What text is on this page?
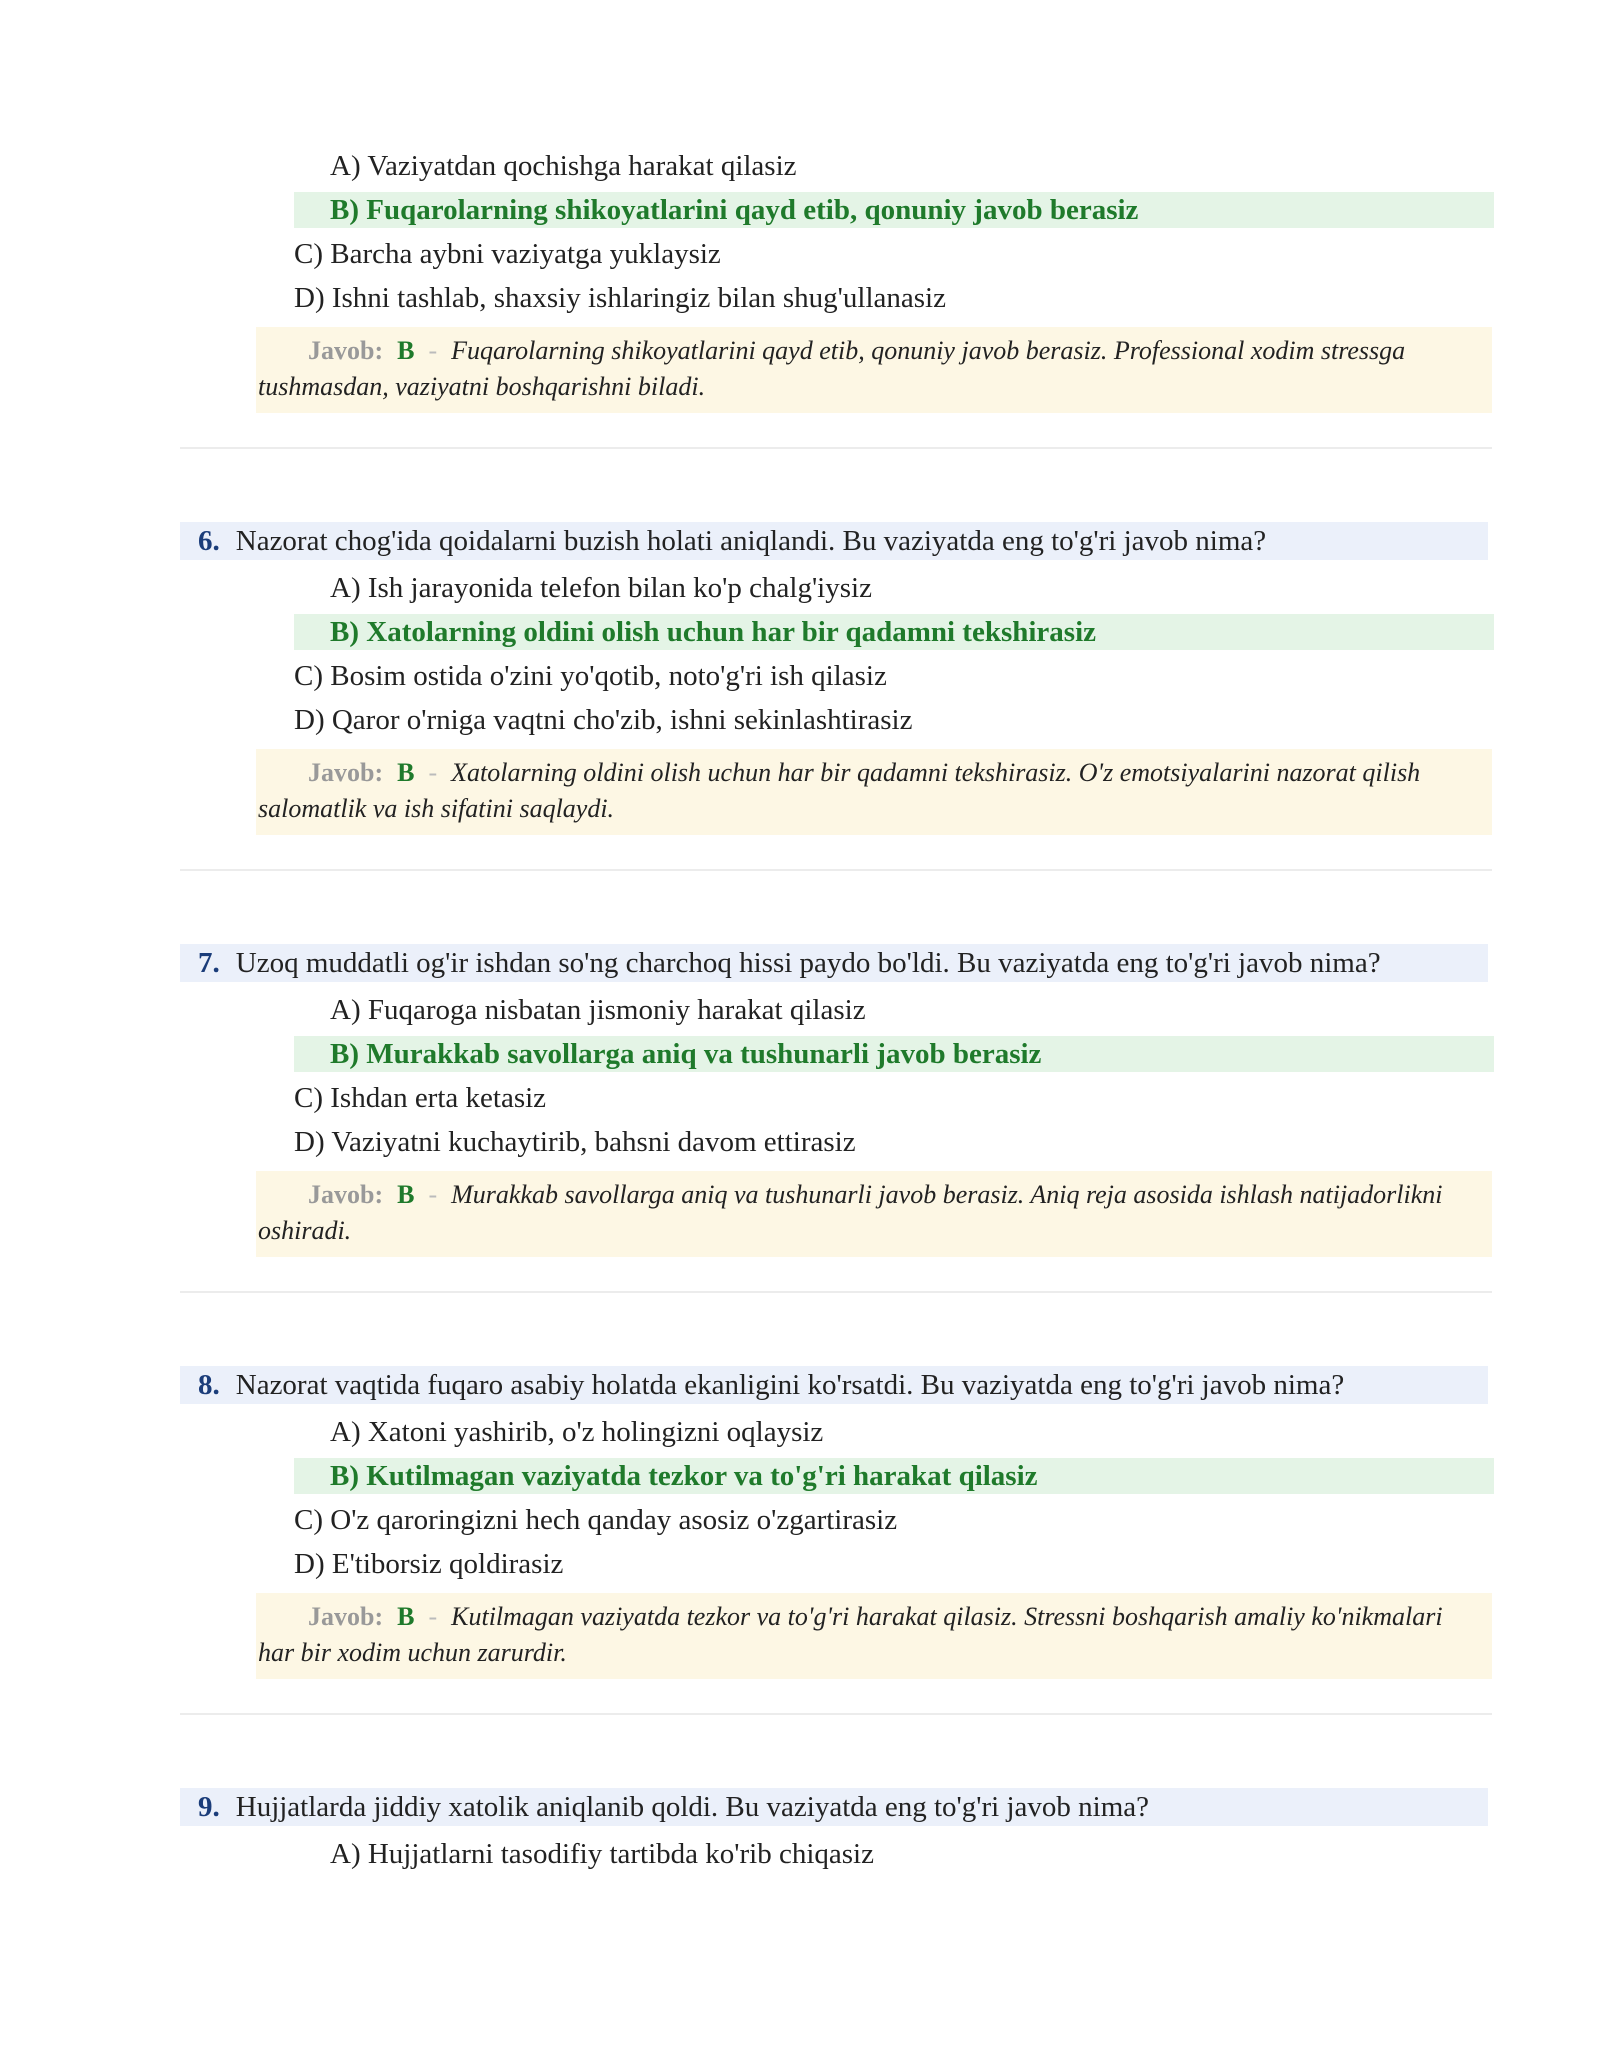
A) Vaziyatdan qochishga harakat qilasiz
B) Fuqarolarning shikoyatlarini qayd etib, qonuniy javob berasiz
C) Barcha aybni vaziyatga yuklaysiz
D) Ishni tashlab, shaxsiy ishlaringiz bilan shug'ullanasiz
Javob: B - Fuqarolarning shikoyatlarini qayd etib, qonuniy javob berasiz. Professional xodim stressga tushmasdan, vaziyatni boshqarishni biladi.
6. Nazorat chog'ida qoidalarni buzish holati aniqlandi. Bu vaziyatda eng to'g'ri javob nima?
A) Ish jarayonida telefon bilan ko'p chalg'iysiz
B) Xatolarning oldini olish uchun har bir qadamni tekshirasiz
C) Bosim ostida o'zini yo'qotib, noto'g'ri ish qilasiz
D) Qaror o'rniga vaqtni cho'zib, ishni sekinlashtirasiz
Javob: B - Xatolarning oldini olish uchun har bir qadamni tekshirasiz. O'z emotsiyalarini nazorat qilish salomatlik va ish sifatini saqlaydi.
7. Uzoq muddatli og'ir ishdan so'ng charchoq hissi paydo bo'ldi. Bu vaziyatda eng to'g'ri javob nima?
A) Fuqaroga nisbatan jismoniy harakat qilasiz
B) Murakkab savollarga aniq va tushunarli javob berasiz
C) Ishdan erta ketasiz
D) Vaziyatni kuchaytirib, bahsni davom ettirasiz
Javob: B - Murakkab savollarga aniq va tushunarli javob berasiz. Aniq reja asosida ishlash natijadorlikni oshiradi.
8. Nazorat vaqtida fuqaro asabiy holatda ekanligini ko'rsatdi. Bu vaziyatda eng to'g'ri javob nima?
A) Xatoni yashirib, o'z holingizni oqlaysiz
B) Kutilmagan vaziyatda tezkor va to'g'ri harakat qilasiz
C) O'z qaroringizni hech qanday asosiz o'zgartirasiz
D) E'tiborsiz qoldirasiz
Javob: B - Kutilmagan vaziyatda tezkor va to'g'ri harakat qilasiz. Stressni boshqarish amaliy ko'nikmalari har bir xodim uchun zarurdir.
9. Hujjatlarda jiddiy xatolik aniqlanib qoldi. Bu vaziyatda eng to'g'ri javob nima?
A) Hujjatlarni tasodifiy tartibda ko'rib chiqasiz
